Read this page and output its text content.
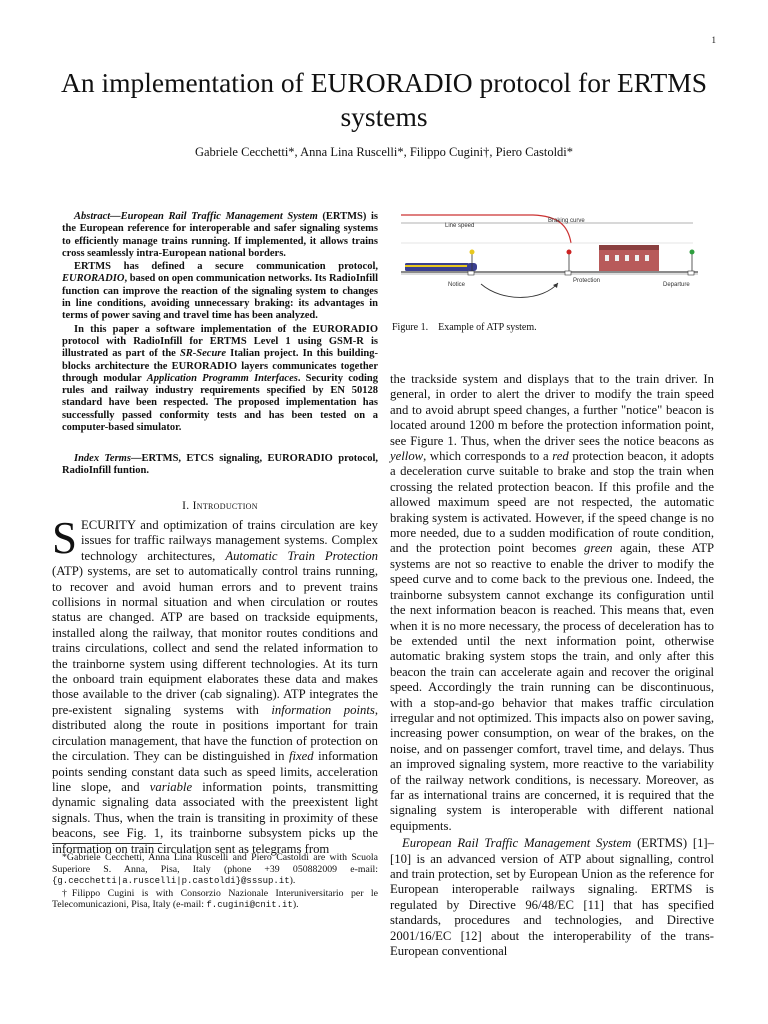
1
An implementation of EURORADIO protocol for ERTMS systems
Gabriele Cecchetti*, Anna Lina Ruscelli*, Filippo Cugini†, Piero Castoldi*

Abstract—European Rail Traffic Management System (ERTMS) is the European reference for interoperable and safer signaling systems to efficiently manage trains running. If implemented, it allows trains cross seamlessly intra-European national borders.

ERTMS has defined a secure communication protocol, EURORADIO, based on open communication networks. Its RadioInfill function can improve the reaction of the signaling system to changes in line conditions, avoiding unnecessary braking: its advantages in terms of power saving and travel time has been analyzed.

In this paper a software implementation of the EURORADIO protocol with RadioInfill for ERTMS Level 1 using GSM-R is illustrated as part of the SR-Secure Italian project. In this building-blocks architecture the EURORADIO layers communicates together through modular Application Programm Interfaces. Security coding rules and railway industry requirements specified by EN 50128 standard have been respected. The proposed implementation has successfully passed conformity tests and has been tested on a computer-based simulator.

Index Terms—ERTMS, ETCS signaling, EURORADIO protocol, RadioInfill funtion.

I. Introduction

SECURITY and optimization of trains circulation are key issues for traffic railways management systems. Complex technology architectures, Automatic Train Protection (ATP) systems, are set to automatically control trains running, to recover and avoid human errors and to prevent trains collisions in normal situation and when circulation or routes status are changed. ATP are based on trackside equipments, installed along the railway, that monitor routes conditions and trains circulations, collect and send the related information to the trainborne system using different technologies. At its turn the onboard train equipment elaborates these data and makes those available to the driver (cab signaling). ATP integrates the pre-existent signaling systems with information points, distributed along the route in positions important for train circulation management, that have the function of protection on the circulation. They can be distinguished in fixed information points sending constant data such as speed limits, acceleration line slope, and variable information points, transmitting dynamic signaling data associated with the preexistent light signals. Thus, when the train is transiting in proximity of these beacons, see Fig. 1, its trainborne subsystem picks up the information on train circulation sent as telegrams from

*Gabriele Cecchetti, Anna Lina Ruscelli and Piero Castoldi are with Scuola Superiore S. Anna, Pisa, Italy (phone +39 050882009 e-mail: {g.cecchetti|a.ruscelli|p.castoldi}@sssup.it).

†Filippo Cugini is with Consorzio Nazionale Interuniversitario per le Telecomunicazioni, Pisa, Italy (e-mail: f.cugini@cnit.it).

Line speed
Braking curve
Notice
Protection
Departure
Figure 1.    Example of ATP system.

the trackside system and displays that to the train driver. In general, in order to alert the driver to modify the train speed and to avoid abrupt speed changes, a further "notice" beacon is located around 1200 m before the protection information point, see Figure 1. Thus, when the driver sees the notice beacons as yellow, which corresponds to a red protection beacon, it adopts a deceleration curve suitable to brake and stop the train when crossing the related protection beacon. If this profile and the allowed maximum speed are not respected, the automatic braking system is activated. However, if the speed change is no more needed, due to a sudden modification of route condition, and the protection point becomes green again, these ATP systems are not so reactive to enable the driver to modify the speed curve and to come back to the previous one. Indeed, the trainborne subsystem cannot exchange its configuration until the next information beacon is reached. This means that, even when it is no more necessary, the process of deceleration has to be extended until the next information point, otherwise automatic braking system stops the train, and only after this beacon the train can accelerate again and recover the original speed. Accordingly the train running can be discontinuous, with a stop-and-go behavior that makes traffic circulation irregular and not optimized. This impacts also on power saving, increasing power consumption, on wear of the brakes, on the noise, and on passenger comfort, travel time, and delays. Thus an improved signaling system, more reactive to the variability of the railway network conditions, is necessary. Moreover, as far as international trains are concerned, it is required that the signaling system is interoperable with different national equipments.

European Rail Traffic Management System (ERTMS) [1]–[10] is an advanced version of ATP about signalling, control and train protection, set by European Union as the reference for European interoperable railways signaling. ERTMS is regulated by Directive 96/48/EC [11] that has specified standards, procedures and technologies, and Directive 2001/16/EC [12] about the interoperability of the trans-European conventional
